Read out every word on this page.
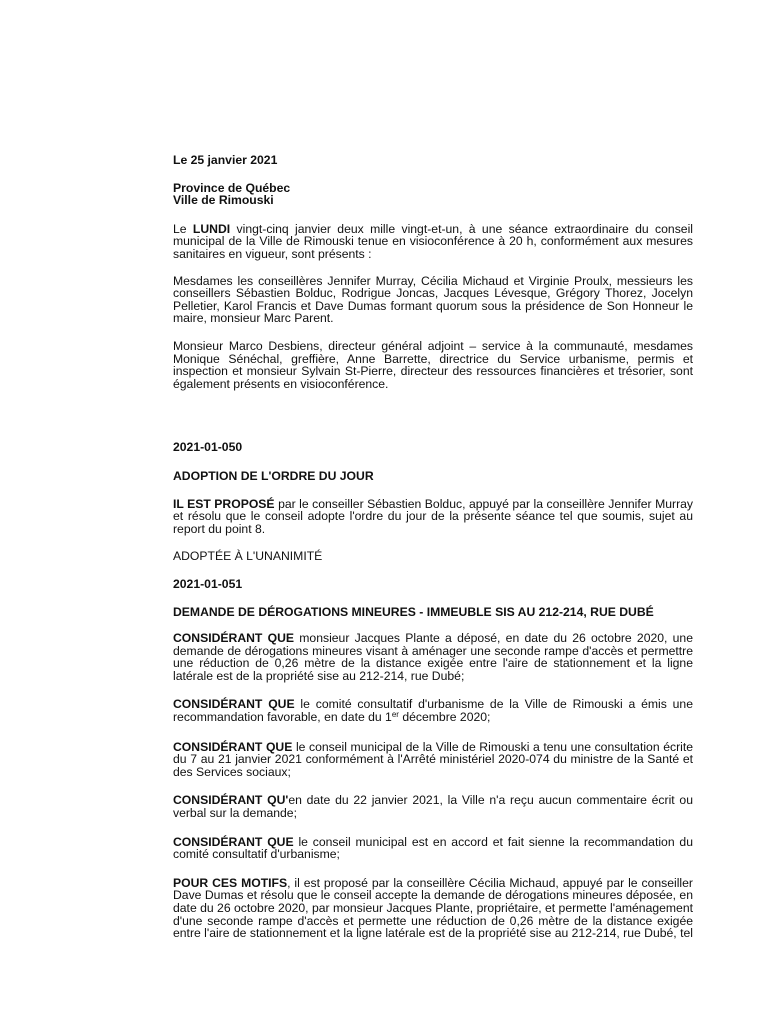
Le 25 janvier 2021

Province de Québec

Ville de Rimouski

Le LUNDI vingt-cinq janvier deux mille vingt-et-un, à une séance extraordinaire du conseil municipal de la Ville de Rimouski tenue en visioconférence à 20 h, conformément aux mesures sanitaires en vigueur, sont présents :

Mesdames les conseillères Jennifer Murray, Cécilia Michaud et Virginie Proulx, messieurs les conseillers Sébastien Bolduc, Rodrigue Joncas, Jacques Lévesque, Grégory Thorez, Jocelyn Pelletier, Karol Francis et Dave Dumas formant quorum sous la présidence de Son Honneur le maire, monsieur Marc Parent.

Monsieur Marco Desbiens, directeur général adjoint – service à la communauté, mesdames Monique Sénéchal, greffière, Anne Barrette, directrice du Service urbanisme, permis et inspection et monsieur Sylvain St-Pierre, directeur des ressources financières et trésorier, sont également présents en visioconférence.

2021-01-050

ADOPTION DE L'ORDRE DU JOUR

IL EST PROPOSÉ par le conseiller Sébastien Bolduc, appuyé par la conseillère Jennifer Murray et résolu que le conseil adopte l'ordre du jour de la présente séance tel que soumis, sujet au report du point 8.

ADOPTÉE À L'UNANIMITÉ

2021-01-051

DEMANDE DE DÉROGATIONS MINEURES - IMMEUBLE SIS AU 212-214, RUE DUBÉ

CONSIDÉRANT QUE monsieur Jacques Plante a déposé, en date du 26 octobre 2020, une demande de dérogations mineures visant à aménager une seconde rampe d'accès et permettre une réduction de 0,26 mètre de la distance exigée entre l'aire de stationnement et la ligne latérale est de la propriété sise au 212-214, rue Dubé;

CONSIDÉRANT QUE le comité consultatif d'urbanisme de la Ville de Rimouski a émis une recommandation favorable, en date du 1er décembre 2020;

CONSIDÉRANT QUE le conseil municipal de la Ville de Rimouski a tenu une consultation écrite du 7 au 21 janvier 2021 conformément à l'Arrêté ministériel 2020-074 du ministre de la Santé et des Services sociaux;

CONSIDÉRANT QU'en date du 22 janvier 2021, la Ville n'a reçu aucun commentaire écrit ou verbal sur la demande;

CONSIDÉRANT QUE le conseil municipal est en accord et fait sienne la recommandation du comité consultatif d'urbanisme;

POUR CES MOTIFS, il est proposé par la conseillère Cécilia Michaud, appuyé par le conseiller Dave Dumas et résolu que le conseil accepte la demande de dérogations mineures déposée, en date du 26 octobre 2020, par monsieur Jacques Plante, propriétaire, et permette l'aménagement d'une seconde rampe d'accès et permette une réduction de 0,26 mètre de la distance exigée entre l'aire de stationnement et la ligne latérale est de la propriété sise au 212-214, rue Dubé, tel
